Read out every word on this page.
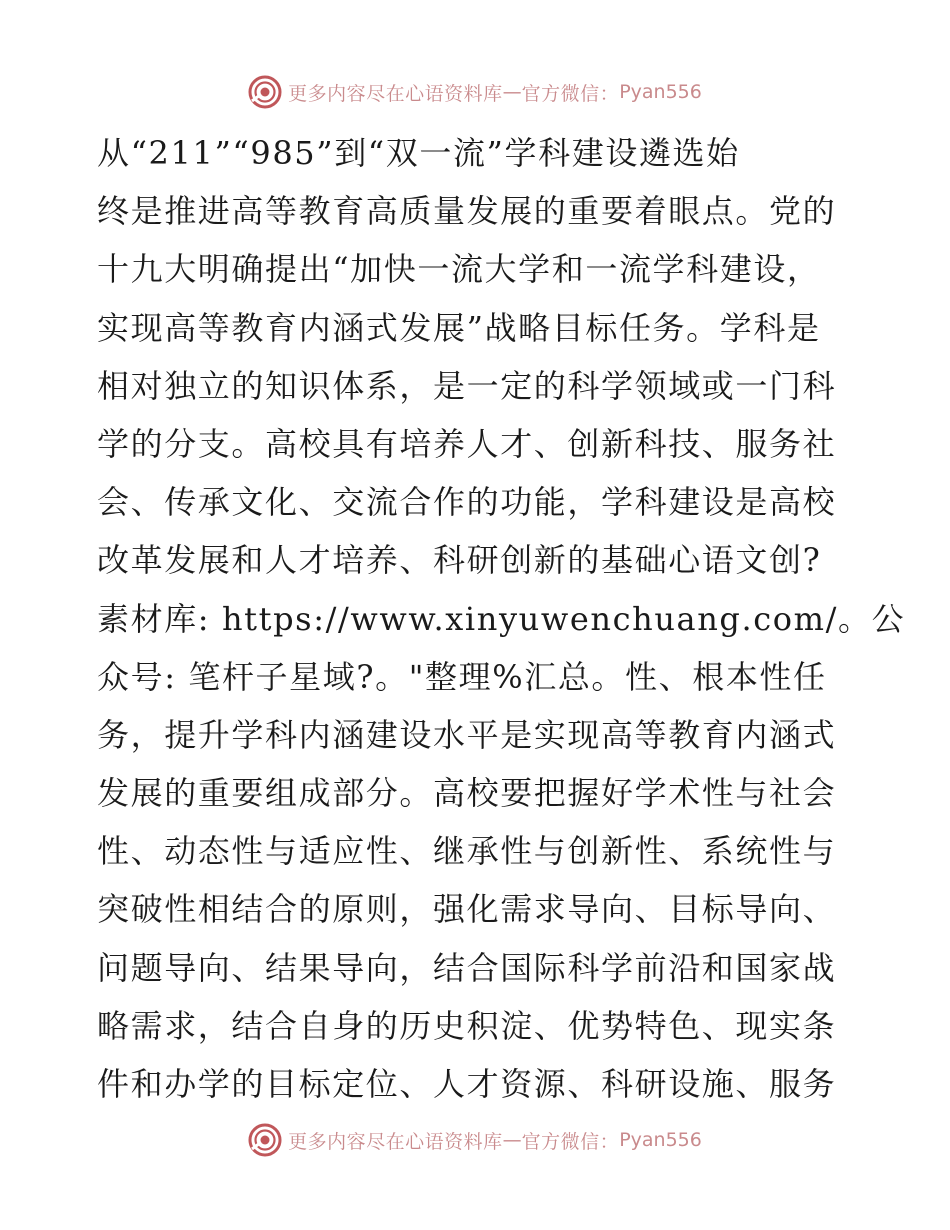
更多内容尽在心语资料库 — 官方微信： Pyan556
从“211”“985”到“双一流”学科建设遴选始
终是推进高等教育高质量发展的重要着眼点。党的
十九大明确提出“加快一流大学和一流学科建设，
实现高等教育内涵式发展”战略目标任务。学科是
相对独立的知识体系，是一定的科学领域或一门科
学的分支。高校具有培养人才、创新科技、服务社
会、传承文化、交流合作的功能，学科建设是高校
改革发展和人才培养、科研创新的基础心语文创?
素材库: https://www.xinyuwenchuang.com/。公
众号: 笔杆子星域?。"整理%汇总。性、根本性任
务，提升学科内涵建设水平是实现高等教育内涵式
发展的重要组成部分。高校要把握好学术性与社会
性、动态性与适应性、继承性与创新性、系统性与
突破性相结合的原则，强化需求导向、目标导向、
问题导向、结果导向，结合国际科学前沿和国家战
略需求，结合自身的历史积淀、优势特色、现实条
件和办学的目标定位、人才资源、科研设施、服务
更多内容尽在心语资料库 — 官方微信： Pyan556
